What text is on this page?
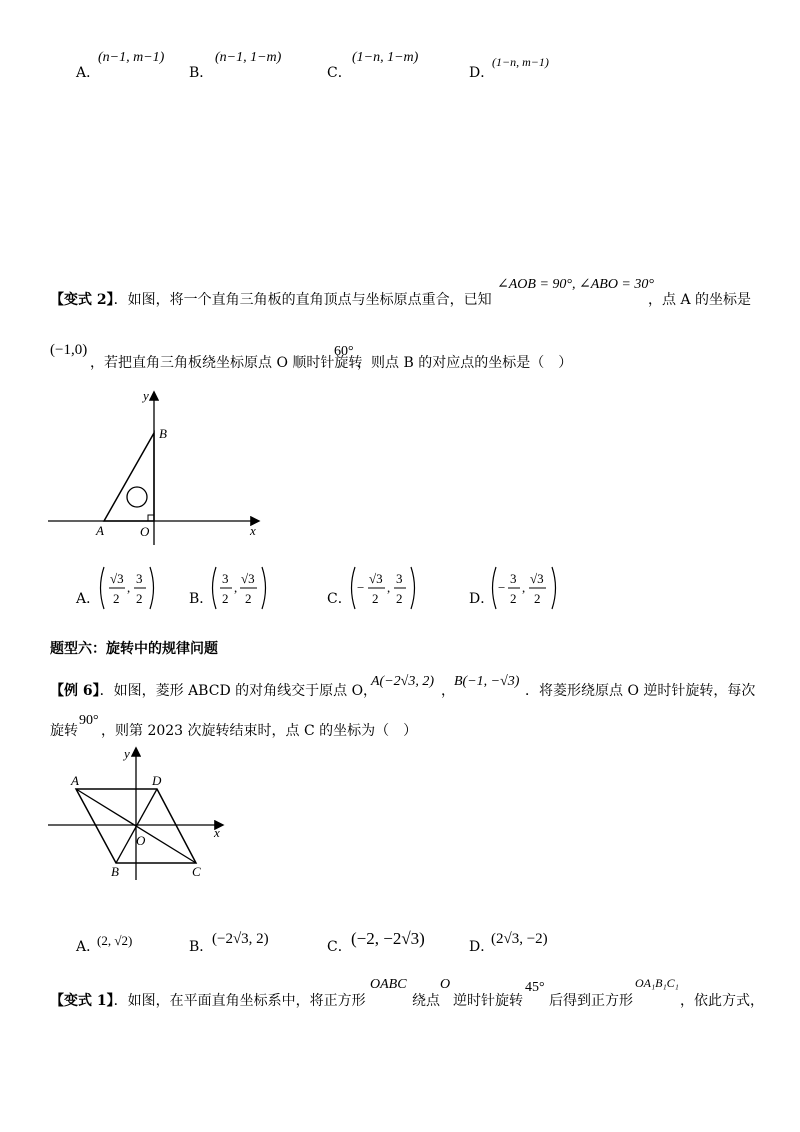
A．
(n−1, m−1)
B．
(n−1, 1−m)
C．
(1−n, 1−m)
D．
(1−n, m−1)
【变式 2】．如图，将一个直角三角板的直角顶点与坐标原点重合，已知
∠AOB = 90°, ∠ABO = 30°
，点 A 的坐标是
(−1,0)
，若把直角三角板绕坐标原点 O 顺时针旋转
60°
，则点 B 的对应点的坐标是（　）
y
x
A	O
B
A．
√3
2
,
3
2	B．
3
2
,
√3
2	C．
−
√3
2
,
3
2	D．
−
3
2
,
√3
2
题型六：旋转中的规律问题
【例 6】．如图，菱形 ABCD 的对角线交于原点 O，
A(−2√3, 2)
，
B(−1, −√3)
．将菱形绕原点 O 逆时针旋转，每次
旋转
90°
，则第 2023 次旋转结束时，点 C 的坐标为（　）
y
x
A	D
O
B	C
A．
(2, √2)	B．
(−2√3, 2)	C． (−2, −2√3)	D．
(2√3, −2)
【变式 1】．如图，在平面直角坐标系中，将正方形
OABC
绕点
O
逆时针旋转
45°
后得到正方形
OA₁B₁C₁
，依此方式，
